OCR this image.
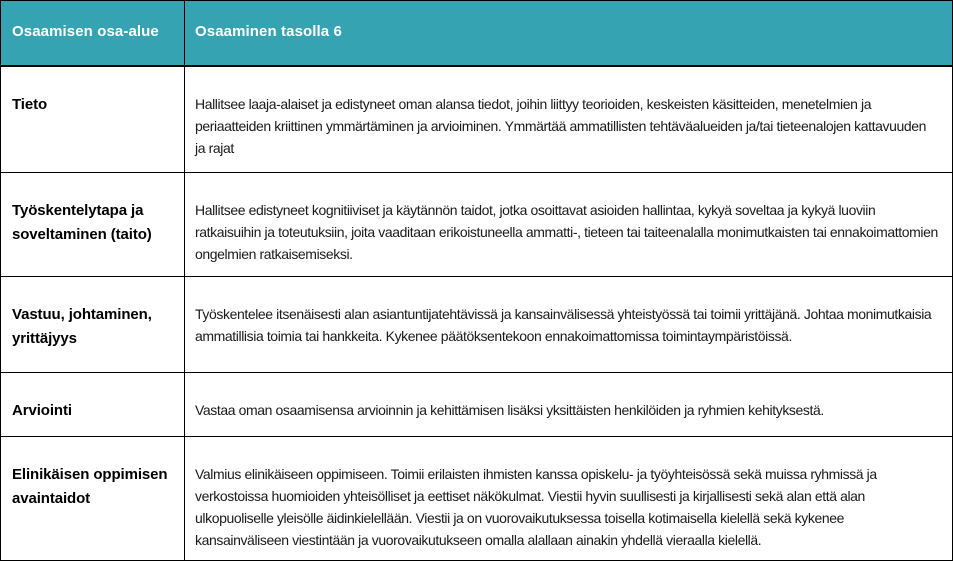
Osaamisen osa-alue Osaaminen tasolla 6
Tieto	Hallitsee laaja-alaiset ja edistyneet oman alansa tiedot, joihin liittyy teorioiden, keskeisten käsitteiden, menetelmien ja periaatteiden kriittinen ymmärtäminen ja arvioiminen. Ymmärtää ammatillisten tehtäväalueiden ja/tai tieteenalojen kattavuuden ja rajat
Työskentelytapa ja soveltaminen (taito)
Hallitsee edistyneet kognitiiviset ja käytännön taidot, jotka osoittavat asioiden hallintaa, kykyä soveltaa ja kykyä luoviin ratkaisuihin ja toteutuksiin, joita vaaditaan erikoistuneella ammatti-, tieteen tai taiteenalalla monimutkaisten tai ennakoimattomien ongelmien ratkaisemiseksi.
Vastuu, johtaminen, yrittäjyys
Työskentelee itsenäisesti alan asiantuntijatehtävissä ja kansainvälisessä yhteistyössä tai toimii yrittäjänä. Johtaa monimutkaisia ammatillisia toimia tai hankkeita. Kykenee päätöksentekoon ennakoimattomissa toimintaympäristöissä.
Arviointi	Vastaa oman osaamisensa arvioinnin ja kehittämisen lisäksi yksittäisten henkilöiden ja ryhmien kehityksestä.
Elinikäisen oppimisen avaintaidot
Valmius elinikäiseen oppimiseen. Toimii erilaisten ihmisten kanssa opiskelu- ja työyhteisössä sekä muissa ryhmissä ja verkostoissa huomioiden yhteisölliset ja eettiset näkökulmat. Viestii hyvin suullisesti ja kirjallisesti sekä alan että alan ulkopuoliselle yleisölle äidinkielellään. Viestii ja on vuorovaikutuksessa toisella kotimaisella kielellä sekä kykenee kansainväliseen viestintään ja vuorovaikutukseen omalla alallaan ainakin yhdellä vieraalla kielellä.
